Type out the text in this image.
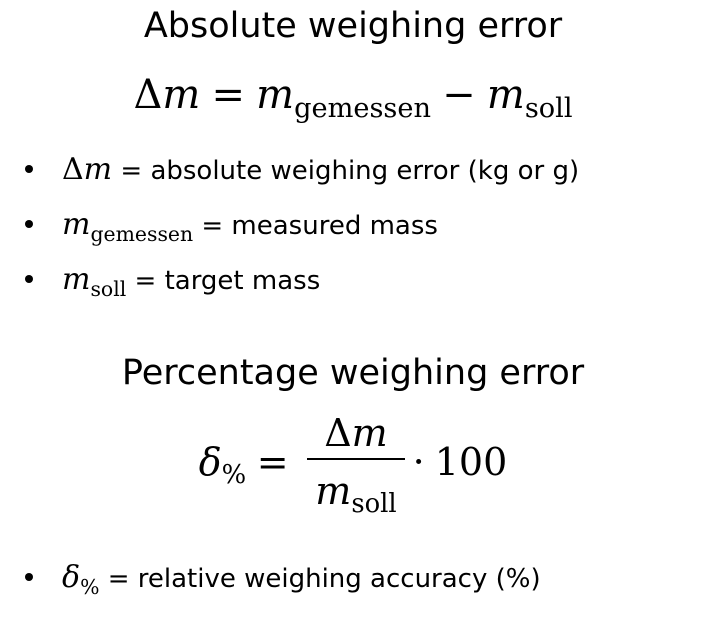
Absolute weighing error
$\Delta m = m_{gemessen} - m_{soll}$
Δm = absolute weighing error (kg or g)
$m_{gemessen}$ = measured mass
$m_{soll}$ = target mass
Percentage weighing error
$\delta_{\%} = \frac{\Delta m}{m_{soll}} \cdot 100$
$\delta_{\%}$ = relative weighing accuracy (%)
